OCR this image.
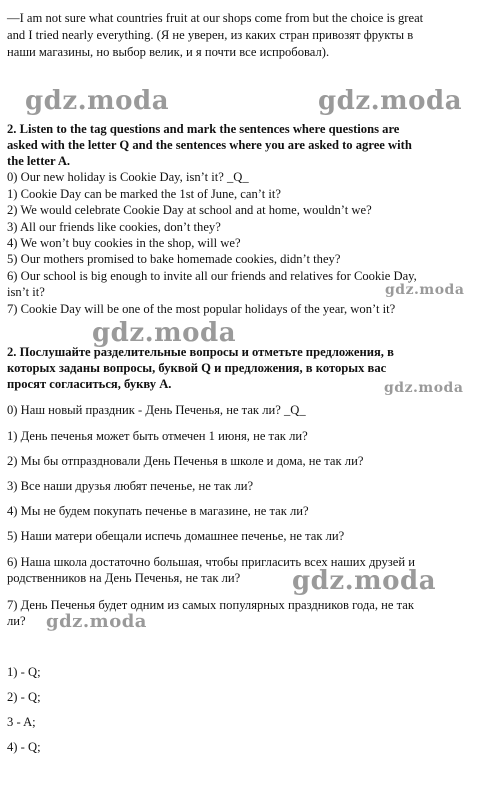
—I am not sure what countries fruit at our shops come from but the choice is great
and I tried nearly everything. (Я не уверен, из каких стран привозят фрукты в
наши магазины, но выбор велик, и я почти все испробовал).
gdz.moda	gdz.moda
2. Listen to the tag questions and mark the sentences where questions are
asked with the letter Q and the sentences where you are asked to agree with
the letter A.
0) Our new holiday is Cookie Day, isn’t it? _Q_
1) Cookie Day can be marked the 1st of June, can’t it?
2) We would celebrate Cookie Day at school and at home, wouldn’t we?
3) All our friends like cookies, don’t they?
4) We won’t buy cookies in the shop, will we?
5) Our mothers promised to bake homemade cookies, didn’t they?
6) Our school is big enough to invite all our friends and relatives for Cookie Day,
isn’t it?	gdz.moda
7) Cookie Day will be one of the most popular holidays of the year, won’t it?
gdz.moda
2. Послушайте разделительные вопросы и отметьте предложения, в
которых заданы вопросы, буквой Q и предложения, в которых вас
просят согласиться, букву А.	gdz.moda
0) Наш новый праздник - День Печенья, не так ли? _Q_
1) День печенья может быть отмечен 1 июня, не так ли?
2) Мы бы отпраздновали День Печенья в школе и дома, не так ли?
3) Все наши друзья любят печенье, не так ли?
4) Мы не будем покупать печенье в магазине, не так ли?
5) Наши матери обещали испечь домашнее печенье, не так ли?
6) Наша школа достаточно большая, чтобы пригласить всех наших друзей и
родственников на День Печенья, не так ли? gdz.moda
7) День Печенья будет одним из самых популярных праздников года, не так
ли? gdz.moda
1) - Q;
2) - Q;
3 - A;
4) - Q;
